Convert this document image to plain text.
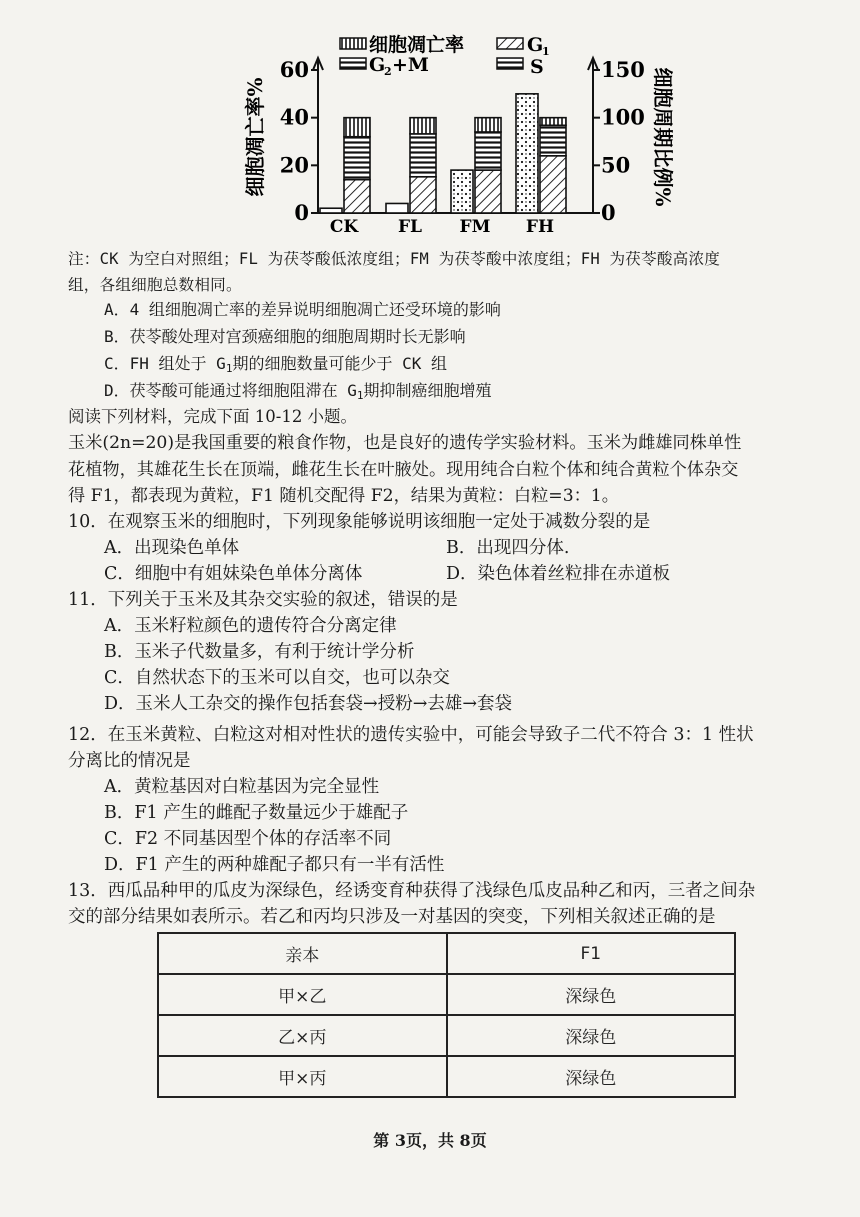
细胞凋亡率	G
1
G
2 +M	S
细胞凋亡率%	细胞周期比例%
0
20
40
60
0
50
100
150
CK FL FM FH
注：CK 为空白对照组；FL 为茯苓酸低浓度组；FM 为茯苓酸中浓度组；FH 为茯苓酸高浓度
组，各组细胞总数相同。
A．4 组细胞凋亡率的差异说明细胞凋亡还受环境的影响
B．茯苓酸处理对宫颈癌细胞的细胞周期时长无影响
C．FH 组处于 G1期的细胞数量可能少于 CK 组
D．茯苓酸可能通过将细胞阻滞在 G1期抑制癌细胞增殖
阅读下列材料，完成下面 10-12 小题。
玉米(2n=20)是我国重要的粮食作物，也是良好的遗传学实验材料。玉米为雌雄同株单性
花植物，其雄花生长在顶端，雌花生长在叶腋处。现用纯合白粒个体和纯合黄粒个体杂交
得 F1，都表现为黄粒，F1 随机交配得 F2，结果为黄粒：白粒=3：1。
10．在观察玉米的细胞时，下列现象能够说明该细胞一定处于减数分裂的是
A．出现染色单体	B．出现四分体.
C．细胞中有姐妹染色单体分离体	D．染色体着丝粒排在赤道板
11．下列关于玉米及其杂交实验的叙述，错误的是
A．玉米籽粒颜色的遗传符合分离定律
B．玉米子代数量多，有利于统计学分析
C．自然状态下的玉米可以自交，也可以杂交
D．玉米人工杂交的操作包括套袋→授粉→去雄→套袋
12．在玉米黄粒、白粒这对相对性状的遗传实验中，可能会导致子二代不符合 3：1 性状
分离比的情况是
A．黄粒基因对白粒基因为完全显性
B．F1 产生的雌配子数量远少于雄配子
C．F2 不同基因型个体的存活率不同
D．F1 产生的两种雄配子都只有一半有活性
13．西瓜品种甲的瓜皮为深绿色，经诱变育种获得了浅绿色瓜皮品种乙和丙，三者之间杂
交的部分结果如表所示。若乙和丙均只涉及一对基因的突变，下列相关叙述正确的是
亲本	F1
甲×乙	深绿色
乙×丙	深绿色
甲×丙	深绿色
第 3页，共 8页
